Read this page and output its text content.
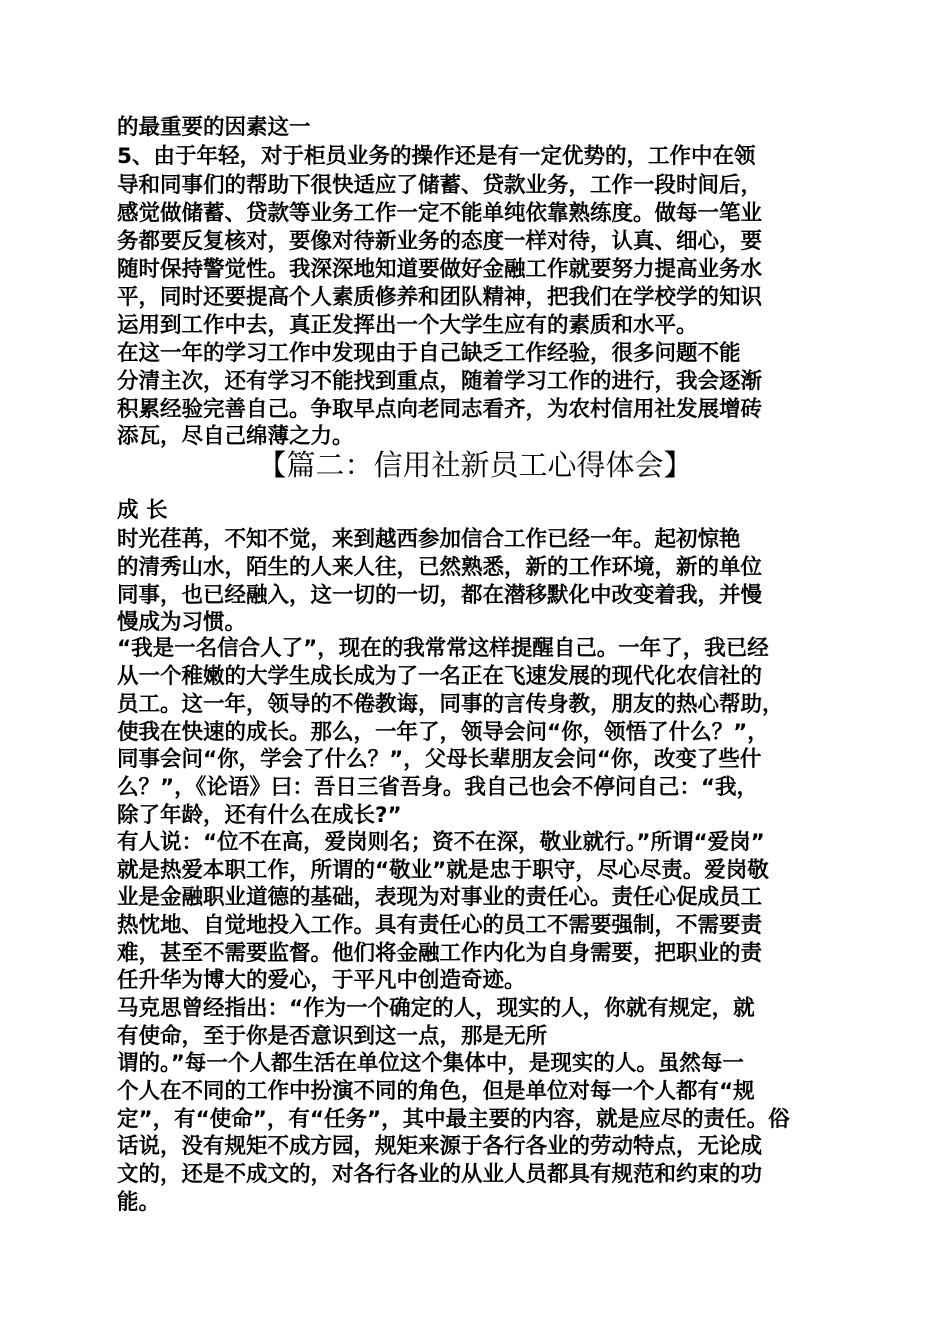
的最重要的因素这一
5、由于年轻，对于柜员业务的操作还是有一定优势的，工作中在领
导和同事们的帮助下很快适应了储蓄、贷款业务，工作一段时间后，
感觉做储蓄、贷款等业务工作一定不能单纯依靠熟练度。做每一笔业
务都要反复核对，要像对待新业务的态度一样对待，认真、细心，要
随时保持警觉性。我深深地知道要做好金融工作就要努力提高业务水
平，同时还要提高个人素质修养和团队精神，把我们在学校学的知识
运用到工作中去，真正发挥出一个大学生应有的素质和水平。
在这一年的学习工作中发现由于自己缺乏工作经验，很多问题不能
分清主次，还有学习不能找到重点，随着学习工作的进行，我会逐渐
积累经验完善自己。争取早点向老同志看齐，为农村信用社发展增砖
添瓦，尽自己绵薄之力。
【篇二：信用社新员工心得体会】
成 长
时光荏苒，不知不觉，来到越西参加信合工作已经一年。起初惊艳
的清秀山水，陌生的人来人往，已然熟悉，新的工作环境，新的单位
同事，也已经融入，这一切的一切，都在潜移默化中改变着我，并慢
慢成为习惯。
“我是一名信合人了”，现在的我常常这样提醒自己。一年了，我已经
从一个稚嫩的大学生成长成为了一名正在飞速发展的现代化农信社的
员工。这一年，领导的不倦教诲，同事的言传身教，朋友的热心帮助，
使我在快速的成长。那么，一年了，领导会问“你，领悟了什么？”，
同事会问“你，学会了什么？”，父母长辈朋友会问“你，改变了些什
么？”，《论语》曰：吾日三省吾身。我自己也会不停问自己：“我，
除了年龄，还有什么在成长?”
有人说：“位不在高，爱岗则名；资不在深，敬业就行。”所谓“爱岗”
就是热爱本职工作，所谓的“敬业”就是忠于职守，尽心尽责。爱岗敬
业是金融职业道德的基础，表现为对事业的责任心。责任心促成员工
热忱地、自觉地投入工作。具有责任心的员工不需要强制，不需要责
难，甚至不需要监督。他们将金融工作内化为自身需要，把职业的责
任升华为博大的爱心，于平凡中创造奇迹。
马克思曾经指出：“作为一个确定的人，现实的人，你就有规定，就
有使命，至于你是否意识到这一点，那是无所
谓的。”每一个人都生活在单位这个集体中，是现实的人。虽然每一
个人在不同的工作中扮演不同的角色，但是单位对每一个人都有“规
定”，有“使命”，有“任务”，其中最主要的内容，就是应尽的责任。俗
话说，没有规矩不成方园，规矩来源于各行各业的劳动特点，无论成
文的，还是不成文的，对各行各业的从业人员都具有规范和约束的功
能。
